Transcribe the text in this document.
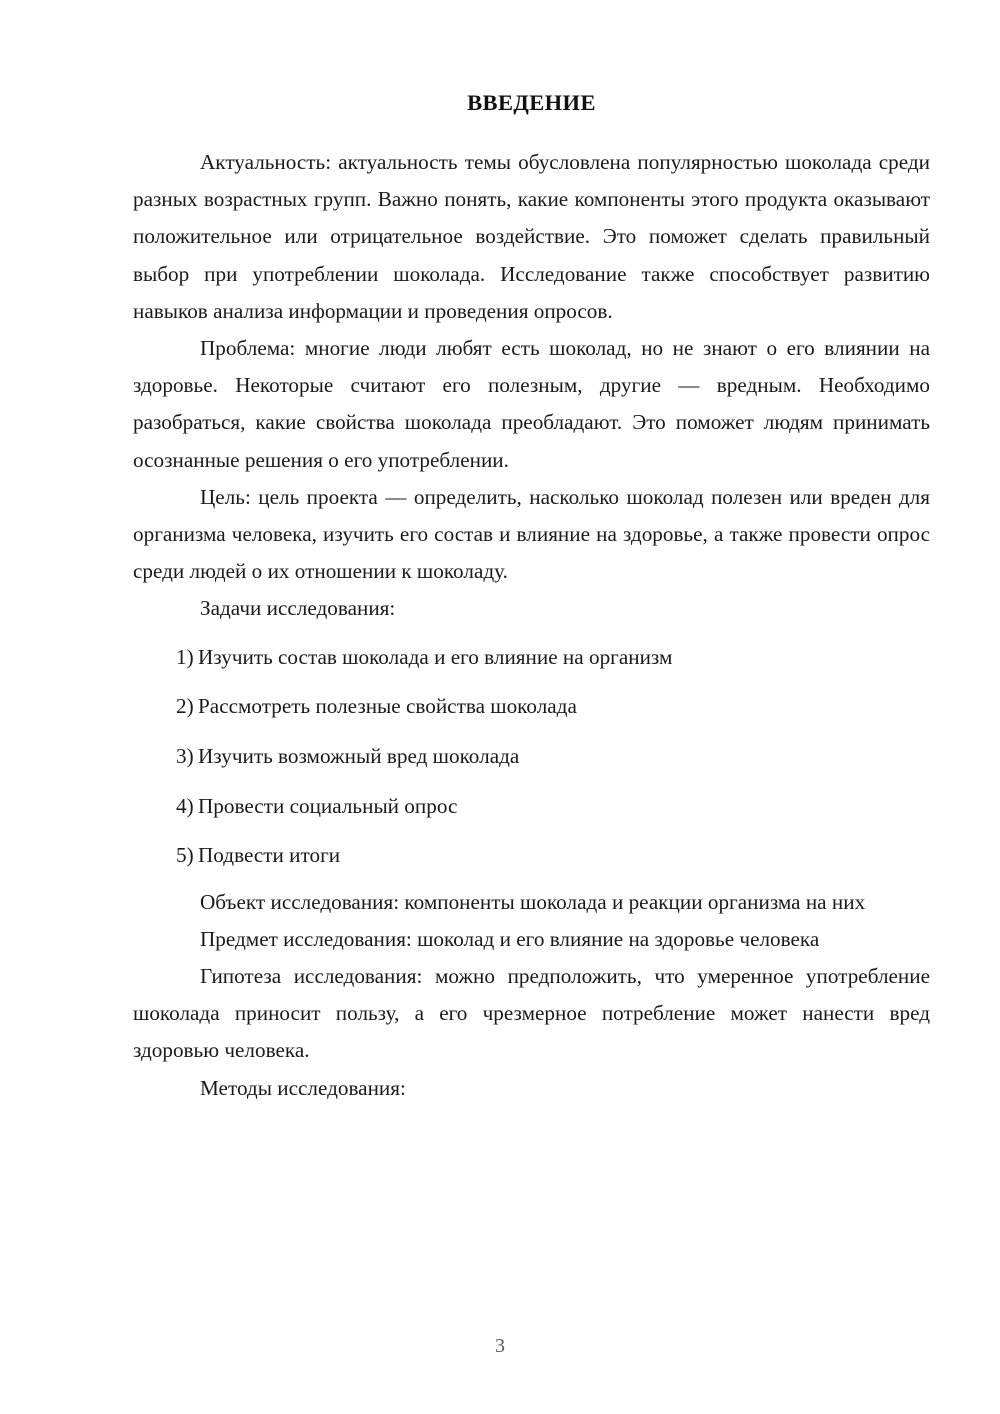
ВВЕДЕНИЕ

Актуальность: актуальность темы обусловлена популярностью шоколада среди разных возрастных групп. Важно понять, какие компоненты этого продукта оказывают положительное или отрицательное воздействие. Это поможет сделать правильный выбор при употреблении шоколада. Исследование также способствует развитию навыков анализа информации и проведения опросов.

Проблема: многие люди любят есть шоколад, но не знают о его влиянии на здоровье. Некоторые считают его полезным, другие — вредным. Необходимо разобраться, какие свойства шоколада преобладают. Это поможет людям принимать осознанные решения о его употреблении.

Цель: цель проекта — определить, насколько шоколад полезен или вреден для организма человека, изучить его состав и влияние на здоровье, а также провести опрос среди людей о их отношении к шоколаду.

Задачи исследования:

1) Изучить состав шоколада и его влияние на организм
2) Рассмотреть полезные свойства шоколада
3) Изучить возможный вред шоколада
4) Провести социальный опрос
5) Подвести итоги

Объект исследования: компоненты шоколада и реакции организма на них

Предмет исследования: шоколад и его влияние на здоровье человека

Гипотеза исследования: можно предположить, что умеренное употребление шоколада приносит пользу, а его чрезмерное потребление может нанести вред здоровью человека.

Методы исследования:

3
